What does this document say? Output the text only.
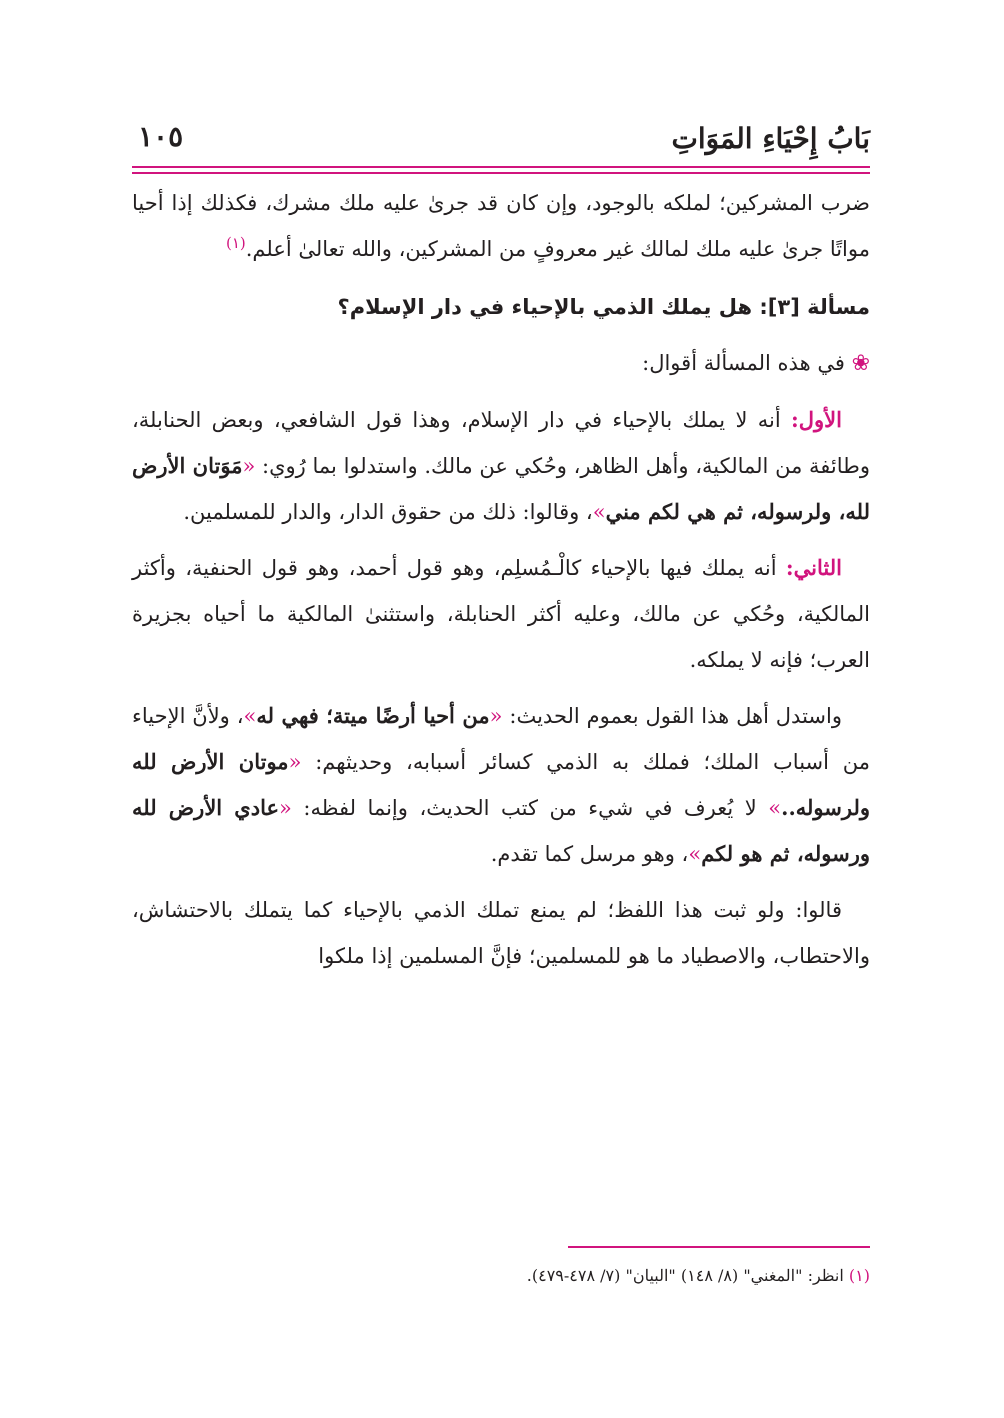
بَابُ إِحْيَاءِ المَوَاتِ
١٠٥

ضرب المشركين؛ لملكه بالوجود، وإن كان قد جرىٰ عليه ملك مشرك، فكذلك إذا أحيا مواتًا جرىٰ عليه ملك لمالك غير معروفٍ من المشركين، والله تعالىٰ أعلم.$^{(١)}$

مسألة [٣]: هل يملك الذمي بالإحياء في دار الإسلام؟

❀ في هذه المسألة أقوال:

الأول: أنه لا يملك بالإحياء في دار الإسلام، وهذا قول الشافعي، وبعض الحنابلة، وطائفة من المالكية، وأهل الظاهر، وحُكي عن مالك. واستدلوا بما رُوي: «مَوَتان الأرض لله، ولرسوله، ثم هي لكم مني»، وقالوا: ذلك من حقوق الدار، والدار للمسلمين.

الثاني: أنه يملك فيها بالإحياء كالْـمُسلِم، وهو قول أحمد، وهو قول الحنفية، وأكثر المالكية، وحُكي عن مالك، وعليه أكثر الحنابلة، واستثنىٰ المالكية ما أحياه بجزيرة العرب؛ فإنه لا يملكه.

واستدل أهل هذا القول بعموم الحديث: «من أحيا أرضًا ميتة؛ فهي له»، ولأنَّ الإحياء من أسباب الملك؛ فملك به الذمي كسائر أسبابه، وحديثهم: «موتان الأرض لله ولرسوله..» لا يُعرف في شيء من كتب الحديث، وإنما لفظه: «عادي الأرض لله ورسوله، ثم هو لكم»، وهو مرسل كما تقدم.

قالوا: ولو ثبت هذا اللفظ؛ لم يمنع تملك الذمي بالإحياء كما يتملك بالاحتشاش، والاحتطاب، والاصطياد ما هو للمسلمين؛ فإنَّ المسلمين إذا ملكوا

(١) انظر: "المغني" (٨/ ١٤٨) "البيان" (٧/ ٤٧٨-٤٧٩).
